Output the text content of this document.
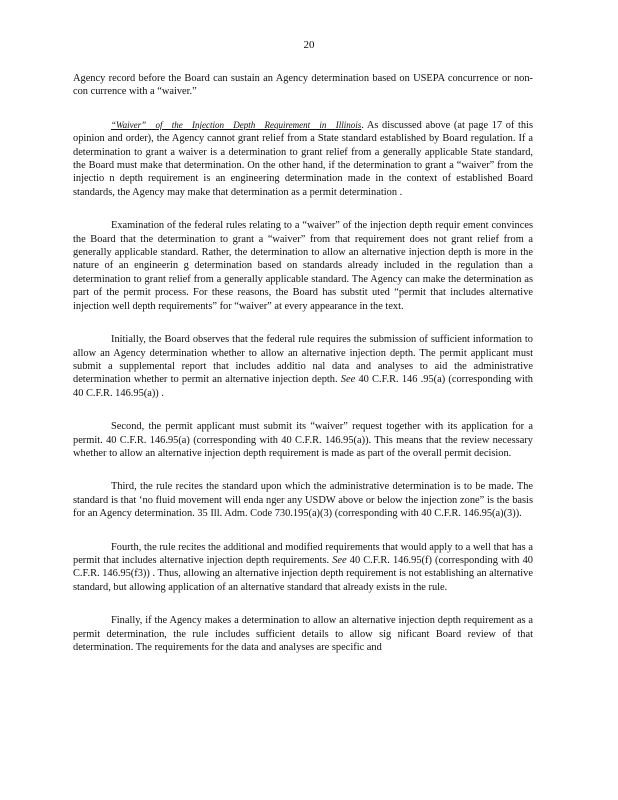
20

Agency record before the Board can sustain an Agency determination based on USEPA concurrence or non-con currence with a “waiver.”

“Waiver” of the Injection Depth Requirement in Illinois. As discussed above (at page 17 of this opinion and order), the Agency cannot grant relief from a State standard established by Board regulation. If a determination to grant a waiver is a determination to grant relief from a generally applicable State standard, the Board must make that determination. On the other hand, if the determination to grant a “waiver” from the injectio n depth requirement is an engineering determination made in the context of established Board standards, the Agency may make that determination as a permit determination .

Examination of the federal rules relating to a “waiver” of the injection depth requir ement convinces the Board that the determination to grant a “waiver” from that requirement does not grant relief from a generally applicable standard. Rather, the determination to allow an alternative injection depth is more in the nature of an engineerin g determination based on standards already included in the regulation than a determination to grant relief from a generally applicable standard. The Agency can make the determination as part of the permit process. For these reasons, the Board has substit uted “permit that includes alternative injection well depth requirements” for “waiver” at every appearance in the text.

Initially, the Board observes that the federal rule requires the submission of sufficient information to allow an Agency determination whether to allow an alternative injection depth. The permit applicant must submit a supplemental report that includes additio nal data and analyses to aid the administrative determination whether to permit an alternative injection depth. See 40 C.F.R. 146 .95(a) (corresponding with 40 C.F.R. 146.95(a)) .

Second, the permit applicant must submit its “waiver” request together with its application for a permit. 40 C.F.R. 146.95(a) (corresponding with 40 C.F.R. 146.95(a)). This means that the review necessary whether to allow an alternative injection depth requirement is made as part of the overall permit decision.

Third, the rule recites the standard upon which the administrative determination is to be made. The standard is that ‘no fluid movement will enda nger any USDW above or below the injection zone” is the basis for an Agency determination. 35 Ill. Adm. Code 730.195(a)(3) (corresponding with 40 C.F.R. 146.95(a)(3)).

Fourth, the rule recites the additional and modified requirements that would apply to a well that has a permit that includes alternative injection depth requirements. See 40 C.F.R. 146.95(f) (corresponding with 40 C.F.R. 146.95(f3)) . Thus, allowing an alternative injection depth requirement is not establishing an alternative standard, but allowing application of an alternative standard that already exists in the rule.

Finally, if the Agency makes a determination to allow an alternative injection depth requirement as a permit determination, the rule includes sufficient details to allow sig nificant Board review of that determination. The requirements for the data and analyses are specific and
